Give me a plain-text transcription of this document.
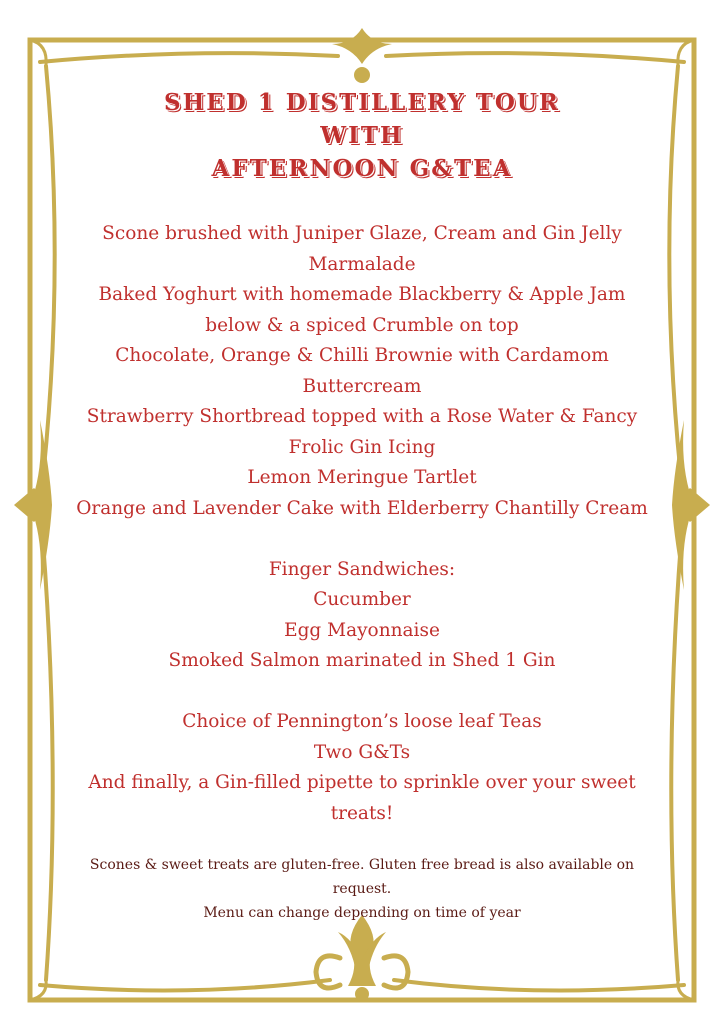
SHED 1 DISTILLERY TOUR
WITH
AFTERNOON G&TEA
Scone brushed with Juniper Glaze, Cream and Gin Jelly
Marmalade
Baked Yoghurt with homemade Blackberry & Apple Jam
below & a spiced Crumble on top
Chocolate, Orange & Chilli Brownie with Cardamom
Buttercream
Strawberry Shortbread topped with a Rose Water & Fancy
Frolic Gin Icing
Lemon Meringue Tartlet
Orange and Lavender Cake with Elderberry Chantilly Cream
Finger Sandwiches:
Cucumber
Egg Mayonnaise
Smoked Salmon marinated in Shed 1 Gin
Choice of Pennington’s loose leaf Teas
Two G&Ts
And finally, a Gin-filled pipette to sprinkle over your sweet
treats!
Scones & sweet treats are gluten-free. Gluten free bread is also available on
request.
Menu can change depending on time of year
